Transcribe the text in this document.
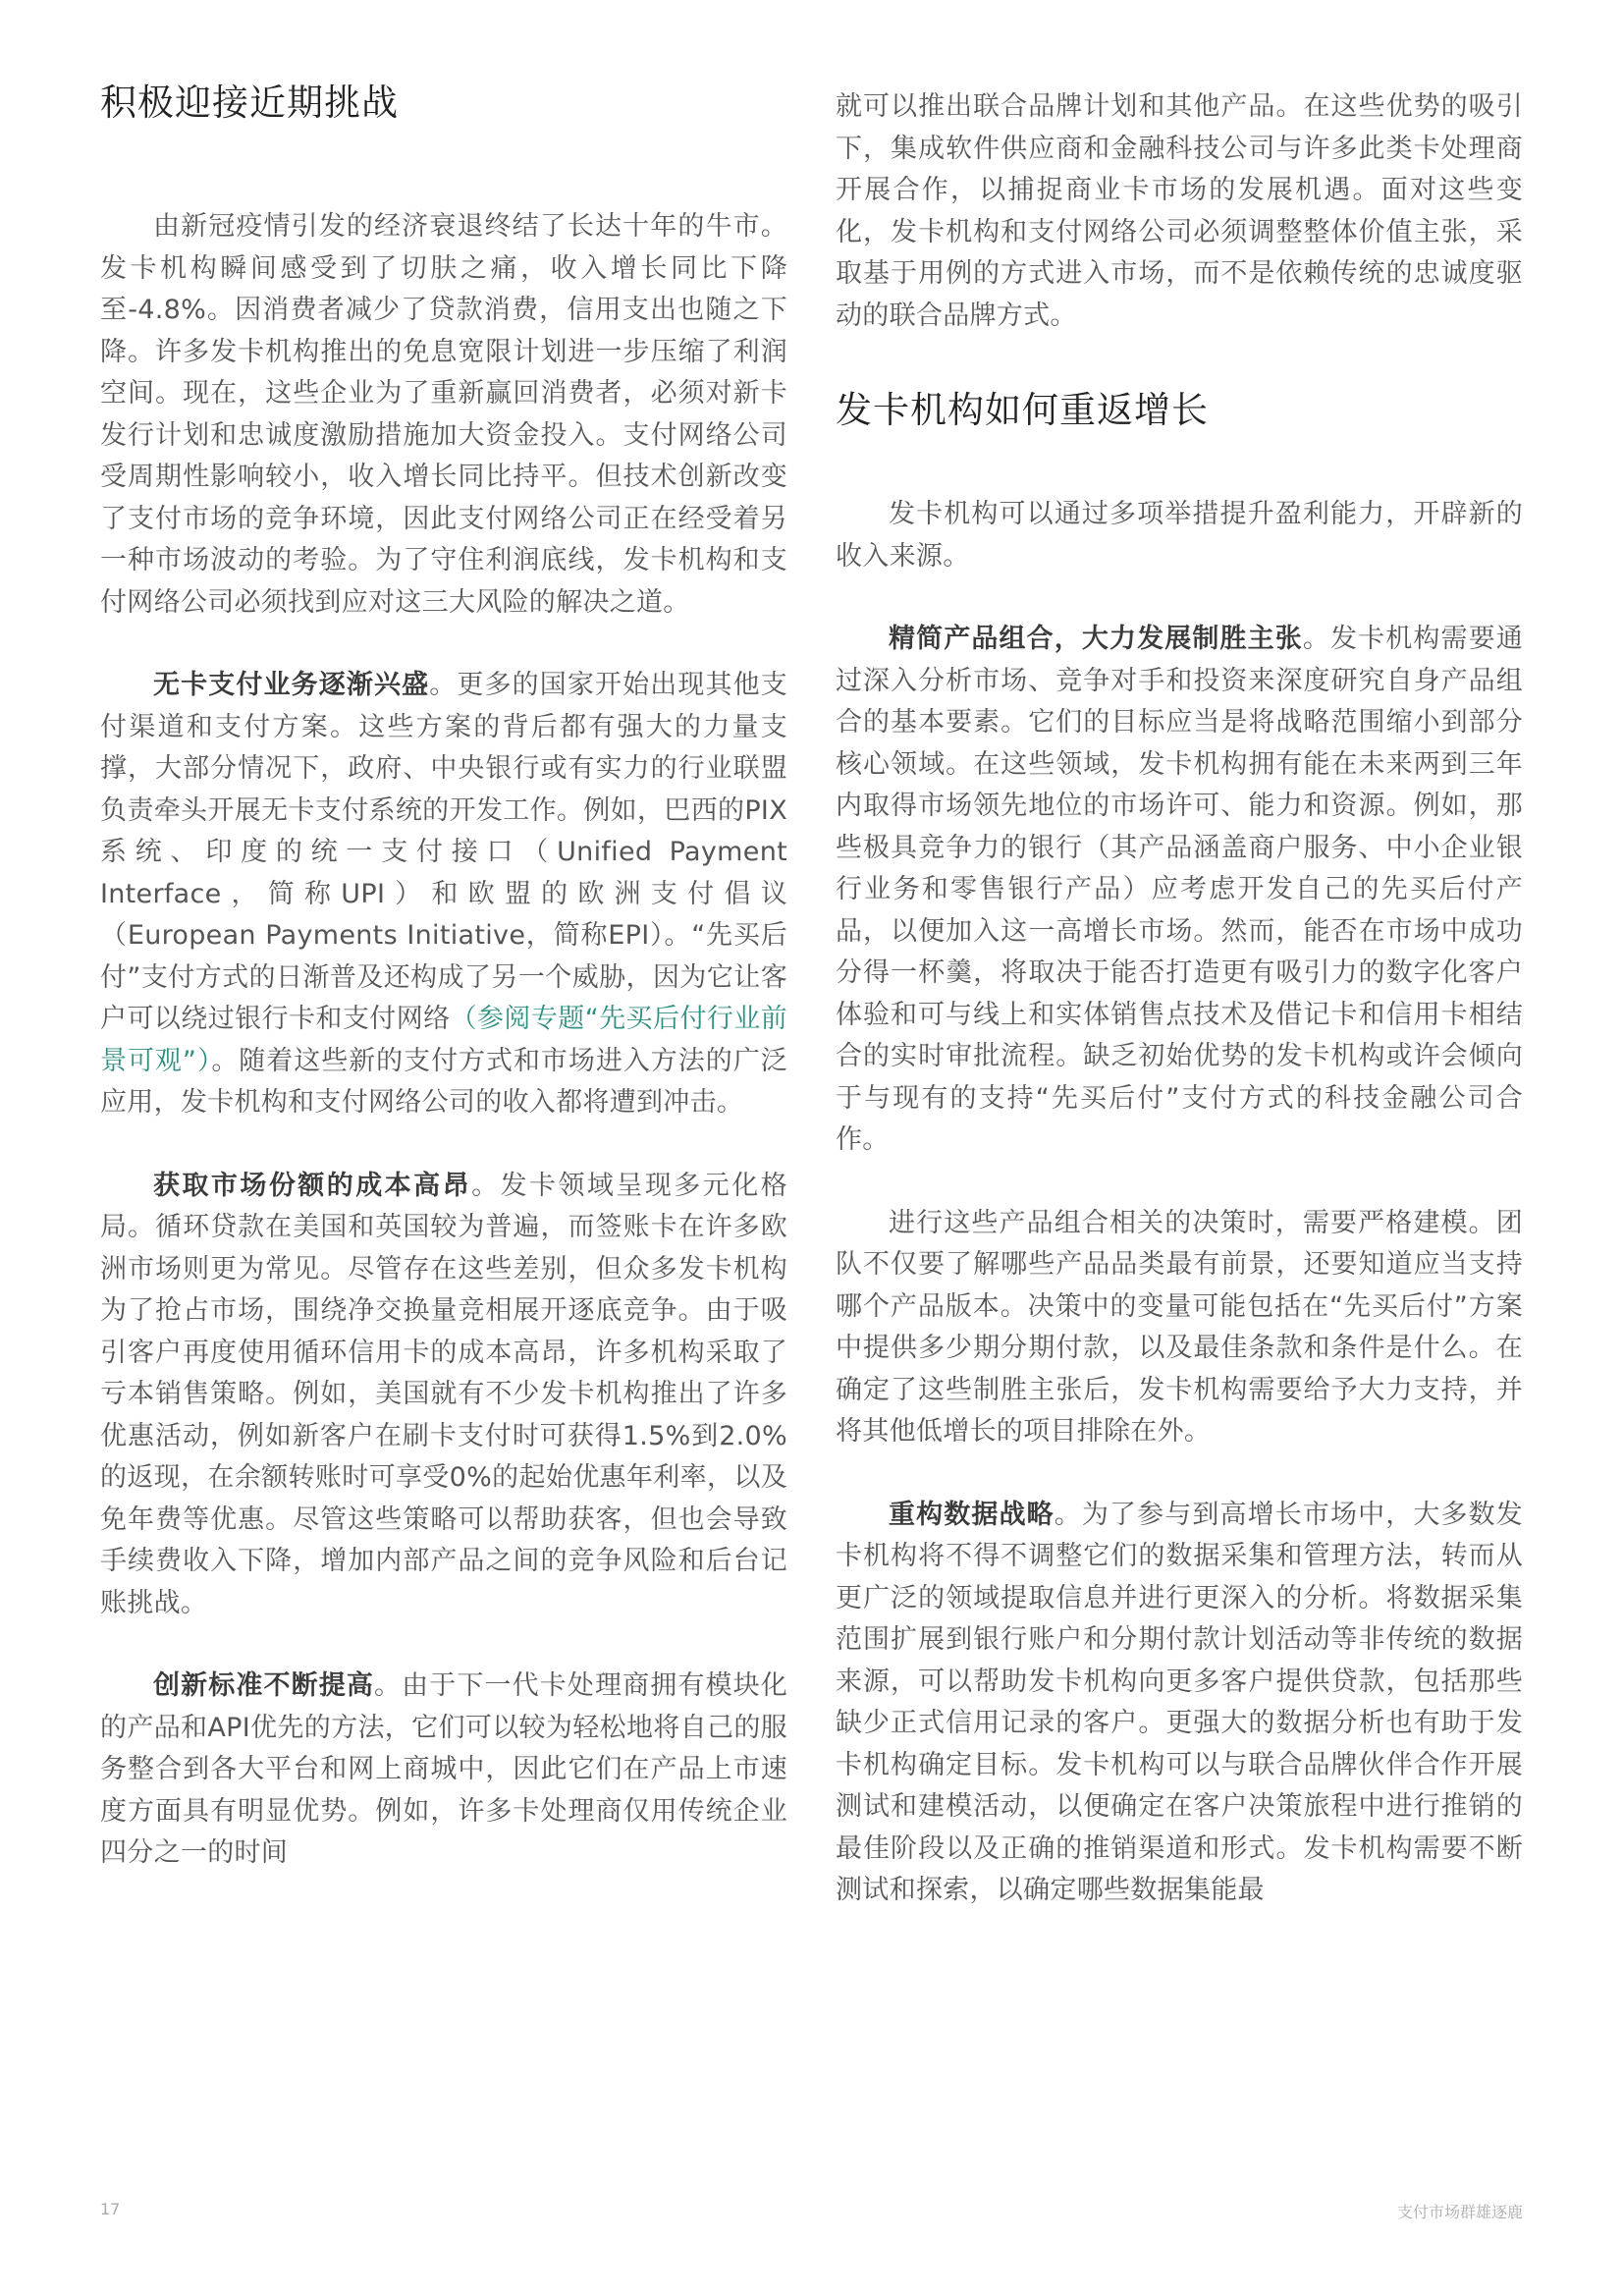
积极迎接近期挑战

由新冠疫情引发的经济衰退终结了长达十年的牛市。发卡机构瞬间感受到了切肤之痛，收入增长同比下降至-4.8%。因消费者减少了贷款消费，信用支出也随之下降。许多发卡机构推出的免息宽限计划进一步压缩了利润空间。现在，这些企业为了重新赢回消费者，必须对新卡发行计划和忠诚度激励措施加大资金投入。支付网络公司受周期性影响较小，收入增长同比持平。但技术创新改变了支付市场的竞争环境，因此支付网络公司正在经受着另一种市场波动的考验。为了守住利润底线，发卡机构和支付网络公司必须找到应对这三大风险的解决之道。

无卡支付业务逐渐兴盛。更多的国家开始出现其他支付渠道和支付方案。这些方案的背后都有强大的力量支撑，大部分情况下，政府、中央银行或有实力的行业联盟负责牵头开展无卡支付系统的开发工作。例如，巴西的PIX系统、印度的统一支付接口（Unified Payment Interface，简称UPI）和欧盟的欧洲支付倡议（European Payments Initiative，简称EPI）。“先买后付”支付方式的日渐普及还构成了另一个威胁，因为它让客户可以绕过银行卡和支付网络（参阅专题“先买后付行业前景可观”）。随着这些新的支付方式和市场进入方法的广泛应用，发卡机构和支付网络公司的收入都将遭到冲击。

获取市场份额的成本高昂。发卡领域呈现多元化格局。循环贷款在美国和英国较为普遍，而签账卡在许多欧洲市场则更为常见。尽管存在这些差别，但众多发卡机构为了抢占市场，围绕净交换量竞相展开逐底竞争。由于吸引客户再度使用循环信用卡的成本高昂，许多机构采取了亏本销售策略。例如，美国就有不少发卡机构推出了许多优惠活动，例如新客户在刷卡支付时可获得1.5%到2.0%的返现，在余额转账时可享受0%的起始优惠年利率，以及免年费等优惠。尽管这些策略可以帮助获客，但也会导致手续费收入下降，增加内部产品之间的竞争风险和后台记账挑战。

创新标准不断提高。由于下一代卡处理商拥有模块化的产品和API优先的方法，它们可以较为轻松地将自己的服务整合到各大平台和网上商城中，因此它们在产品上市速度方面具有明显优势。例如，许多卡处理商仅用传统企业四分之一的时间

就可以推出联合品牌计划和其他产品。在这些优势的吸引下，集成软件供应商和金融科技公司与许多此类卡处理商开展合作，以捕捉商业卡市场的发展机遇。面对这些变化，发卡机构和支付网络公司必须调整整体价值主张，采取基于用例的方式进入市场，而不是依赖传统的忠诚度驱动的联合品牌方式。

发卡机构如何重返增长

发卡机构可以通过多项举措提升盈利能力，开辟新的收入来源。

精简产品组合，大力发展制胜主张。发卡机构需要通过深入分析市场、竞争对手和投资来深度研究自身产品组合的基本要素。它们的目标应当是将战略范围缩小到部分核心领域。在这些领域，发卡机构拥有能在未来两到三年内取得市场领先地位的市场许可、能力和资源。例如，那些极具竞争力的银行（其产品涵盖商户服务、中小企业银行业务和零售银行产品）应考虑开发自己的先买后付产品，以便加入这一高增长市场。然而，能否在市场中成功分得一杯羹，将取决于能否打造更有吸引力的数字化客户体验和可与线上和实体销售点技术及借记卡和信用卡相结合的实时审批流程。缺乏初始优势的发卡机构或许会倾向于与现有的支持“先买后付”支付方式的科技金融公司合作。

进行这些产品组合相关的决策时，需要严格建模。团队不仅要了解哪些产品品类最有前景，还要知道应当支持哪个产品版本。决策中的变量可能包括在“先买后付”方案中提供多少期分期付款，以及最佳条款和条件是什么。在确定了这些制胜主张后，发卡机构需要给予大力支持，并将其他低增长的项目排除在外。

重构数据战略。为了参与到高增长市场中，大多数发卡机构将不得不调整它们的数据采集和管理方法，转而从更广泛的领域提取信息并进行更深入的分析。将数据采集范围扩展到银行账户和分期付款计划活动等非传统的数据来源，可以帮助发卡机构向更多客户提供贷款，包括那些缺少正式信用记录的客户。更强大的数据分析也有助于发卡机构确定目标。发卡机构可以与联合品牌伙伴合作开展测试和建模活动，以便确定在客户决策旅程中进行推销的最佳阶段以及正确的推销渠道和形式。发卡机构需要不断测试和探索，以确定哪些数据集能最

17	支付市场群雄逐鹿
